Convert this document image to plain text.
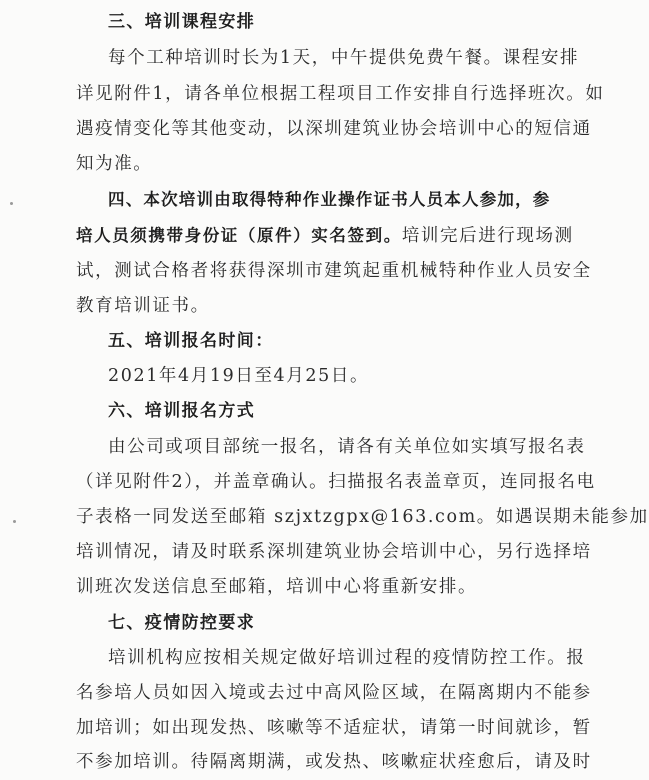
三、培训课程安排
每个工种培训时长为1天，中午提供免费午餐。课程安排
详见附件1，请各单位根据工程项目工作安排自行选择班次。如
遇疫情变化等其他变动，以深圳建筑业协会培训中心的短信通
知为准。
四、本次培训由取得特种作业操作证书人员本人参加，参
培人员须携带身份证（原件）实名签到。培训完后进行现场测
试，测试合格者将获得深圳市建筑起重机械特种作业人员安全
教育培训证书。
五、培训报名时间：
2021年4月19日至4月25日。
六、培训报名方式
由公司或项目部统一报名，请各有关单位如实填写报名表
（详见附件2），并盖章确认。扫描报名表盖章页，连同报名电
子表格一同发送至邮箱 szjxtzgpx@163.com。如遇误期未能参加
培训情况，请及时联系深圳建筑业协会培训中心，另行选择培
训班次发送信息至邮箱，培训中心将重新安排。
七、疫情防控要求
培训机构应按相关规定做好培训过程的疫情防控工作。报
名参培人员如因入境或去过中高风险区域，在隔离期内不能参
加培训；如出现发热、咳嗽等不适症状，请第一时间就诊，暂
不参加培训。待隔离期满，或发热、咳嗽症状痊愈后，请及时
